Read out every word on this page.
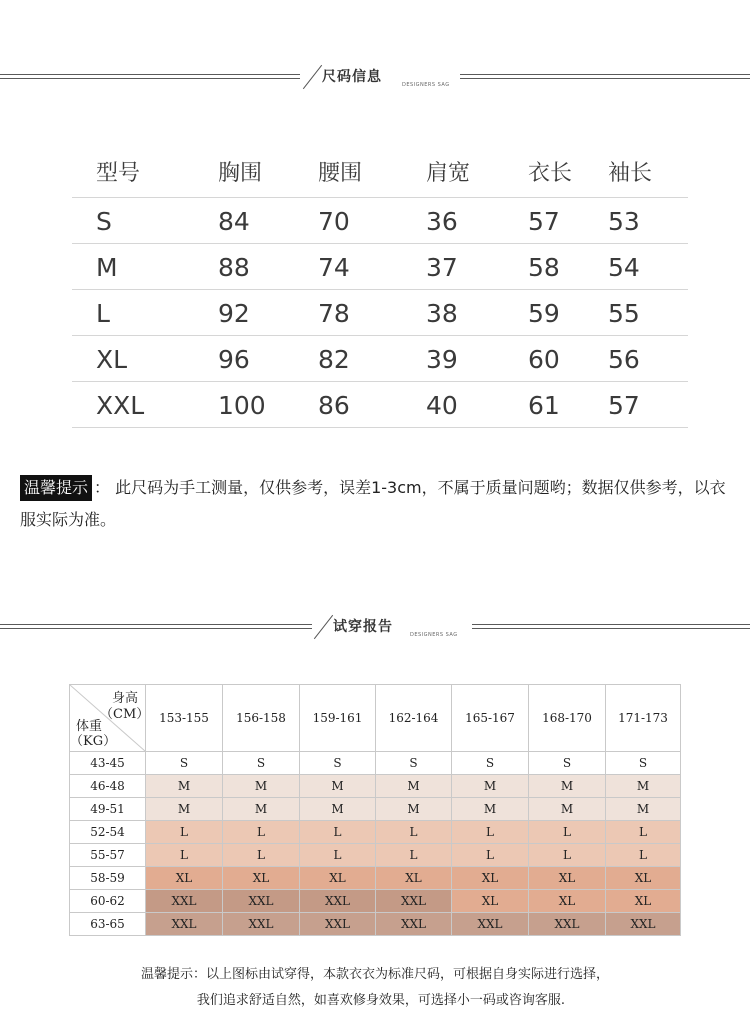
尺码信息	DESIGNERS SAG
型号	胸围	腰围	肩宽	衣长 袖长
S	84	70	36	57 53
M	88	74	37	58 54
L	92	78	38	59 55
XL	96	82	39	60 56
XXL	100 86	40	61 57
温馨提示 ： 此尺码为手工测量，仅供参考，误差1-3cm，不属于质量问题哟；数据仅供参考，以衣服实际为准。
试穿报告	DESIGNERS SAG
身高
（CM）
体重
（KG）	153-155	156-158	159-161	162-164	165-167	168-170	171-173
43-45	S	S	S	S	S	S	S
46-48	M	M	M	M	M	M	M
49-51	M	M	M	M	M	M	M
52-54	L	L	L	L	L	L	L
55-57	L	L	L	L	L	L	L
58-59	XL	XL	XL	XL	XL	XL	XL
60-62	XXL	XXL	XXL	XXL	XL	XL	XL
63-65	XXL	XXL	XXL	XXL	XXL	XXL	XXL
温馨提示：以上图标由试穿得，本款衣衣为标准尺码，可根据自身实际进行选择，
我们追求舒适自然，如喜欢修身效果，可选择小一码或咨询客服.
